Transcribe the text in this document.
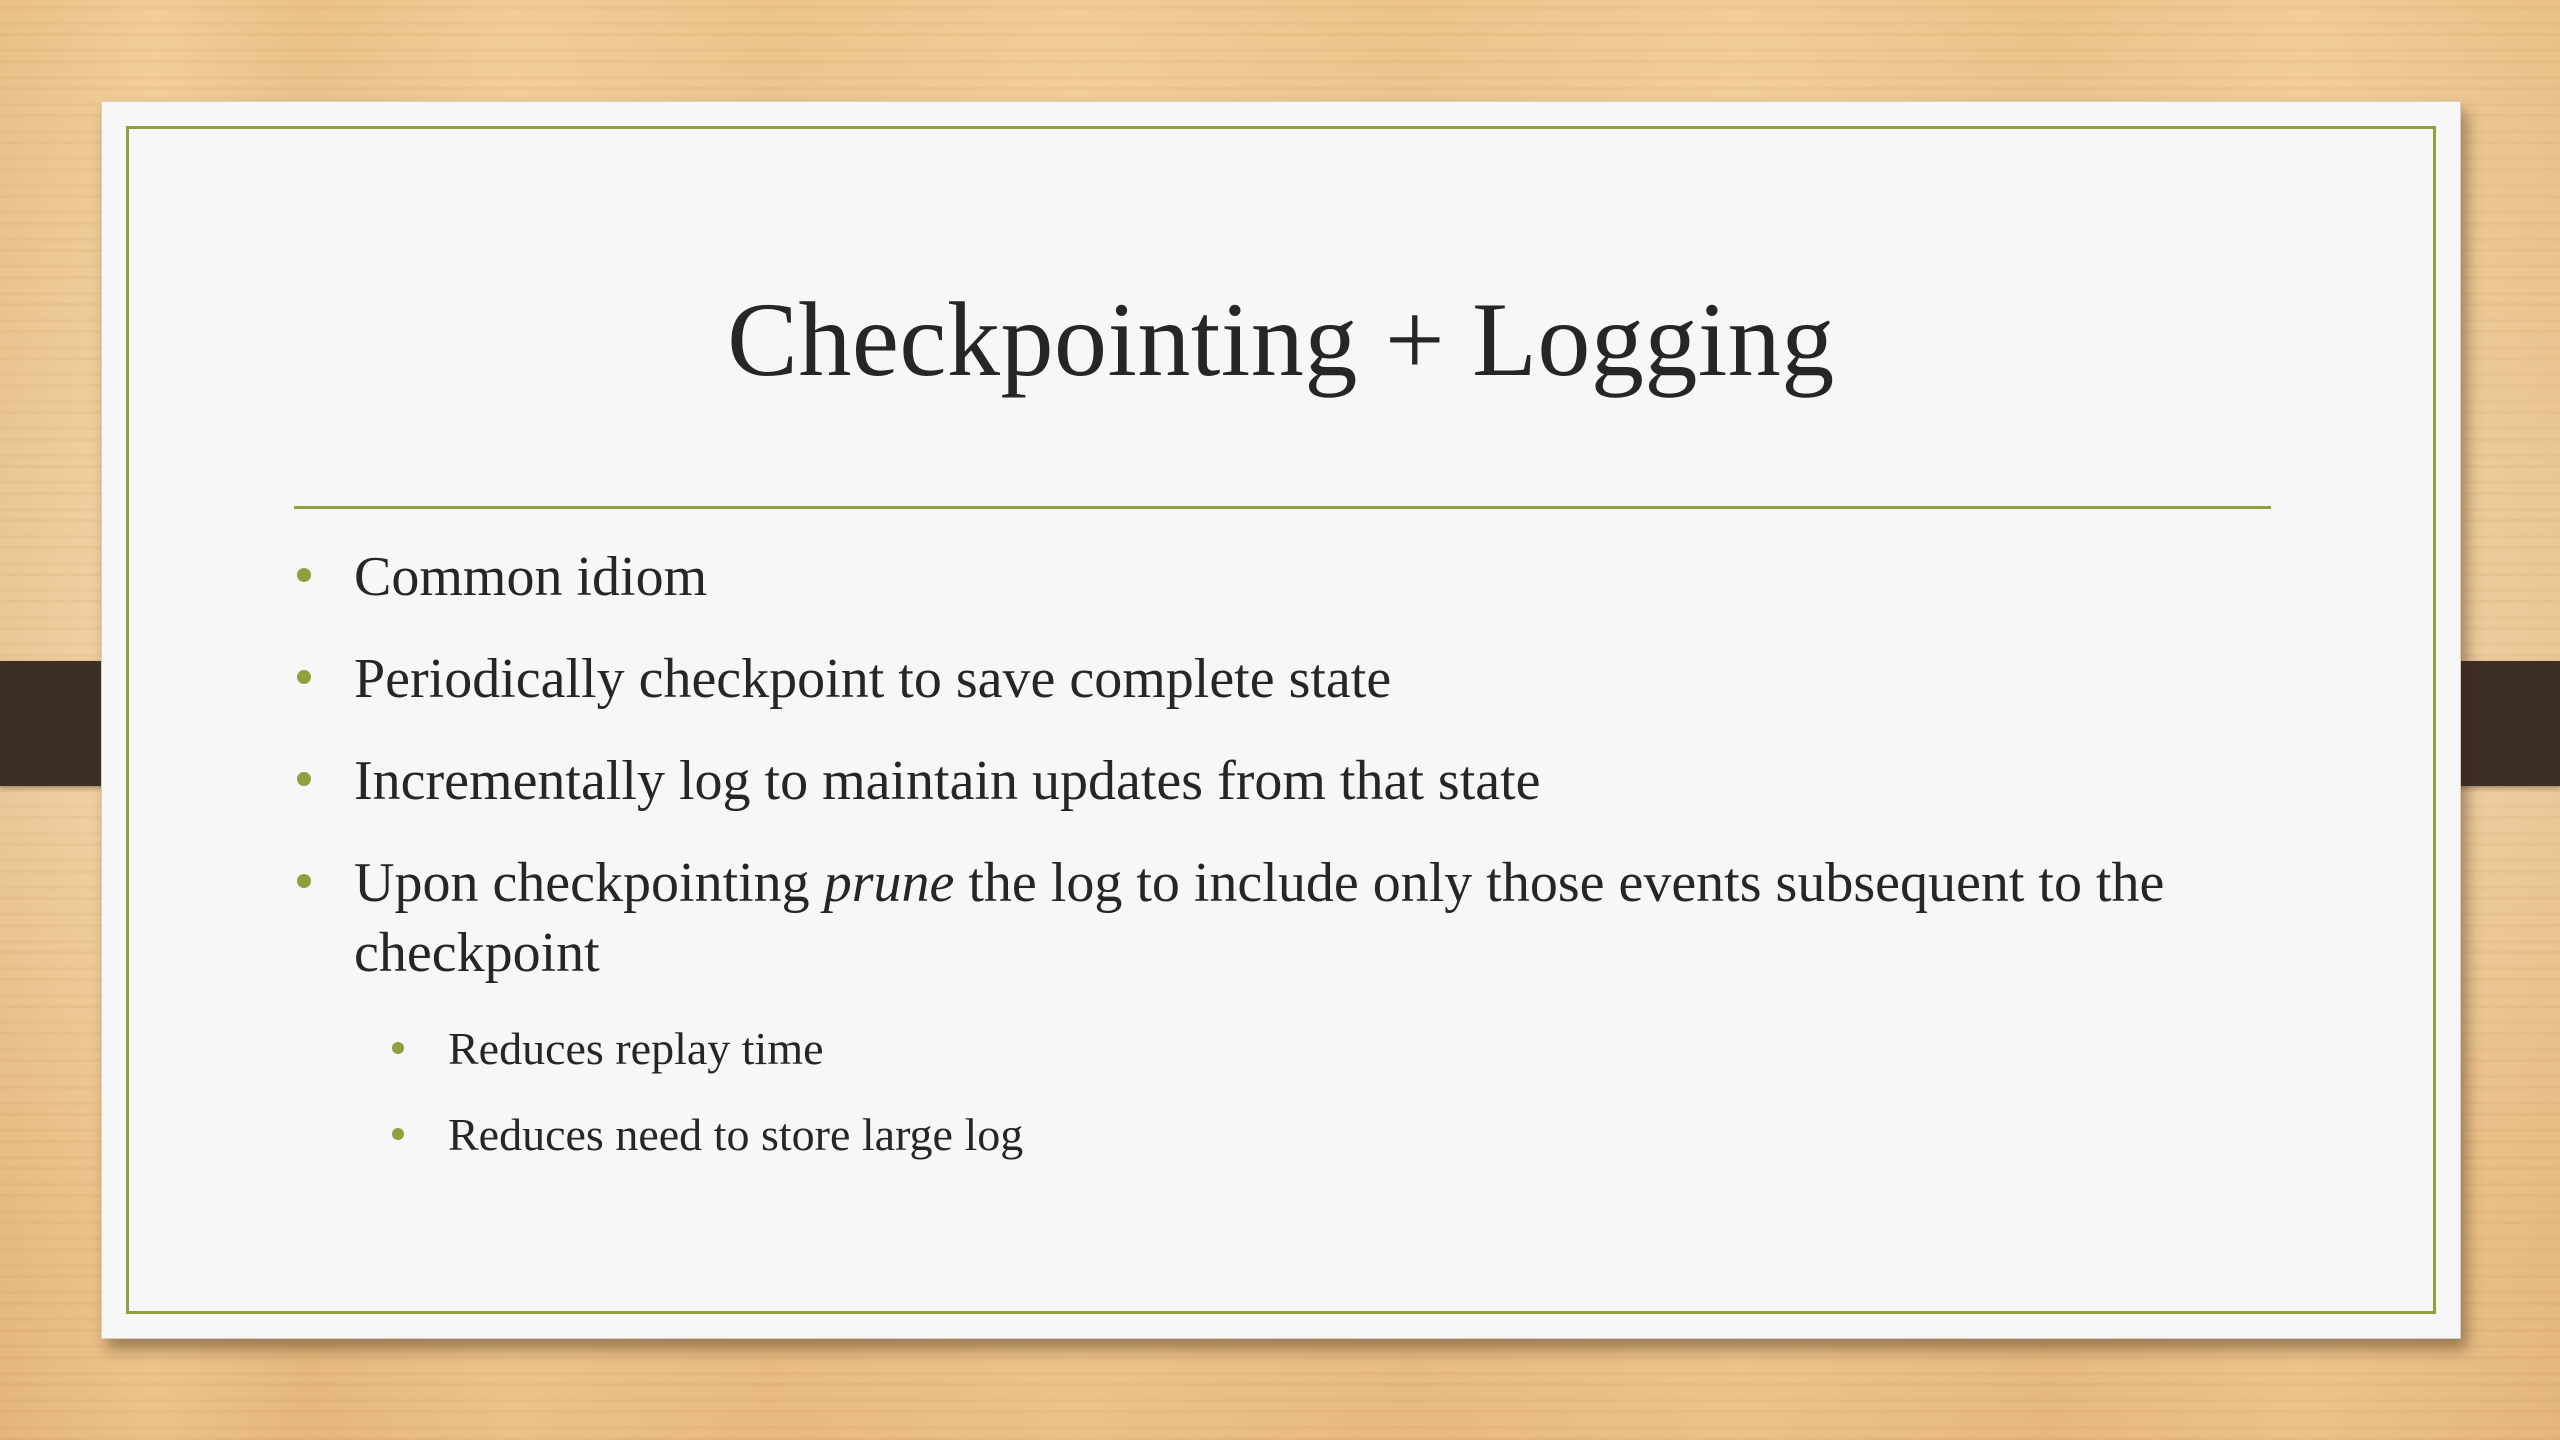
Checkpointing + Logging
Common idiom
Periodically checkpoint to save complete state
Incrementally log to maintain updates from that state
Upon checkpointing prune the log to include only those events subsequent to the checkpoint
Reduces replay time
Reduces need to store large log
